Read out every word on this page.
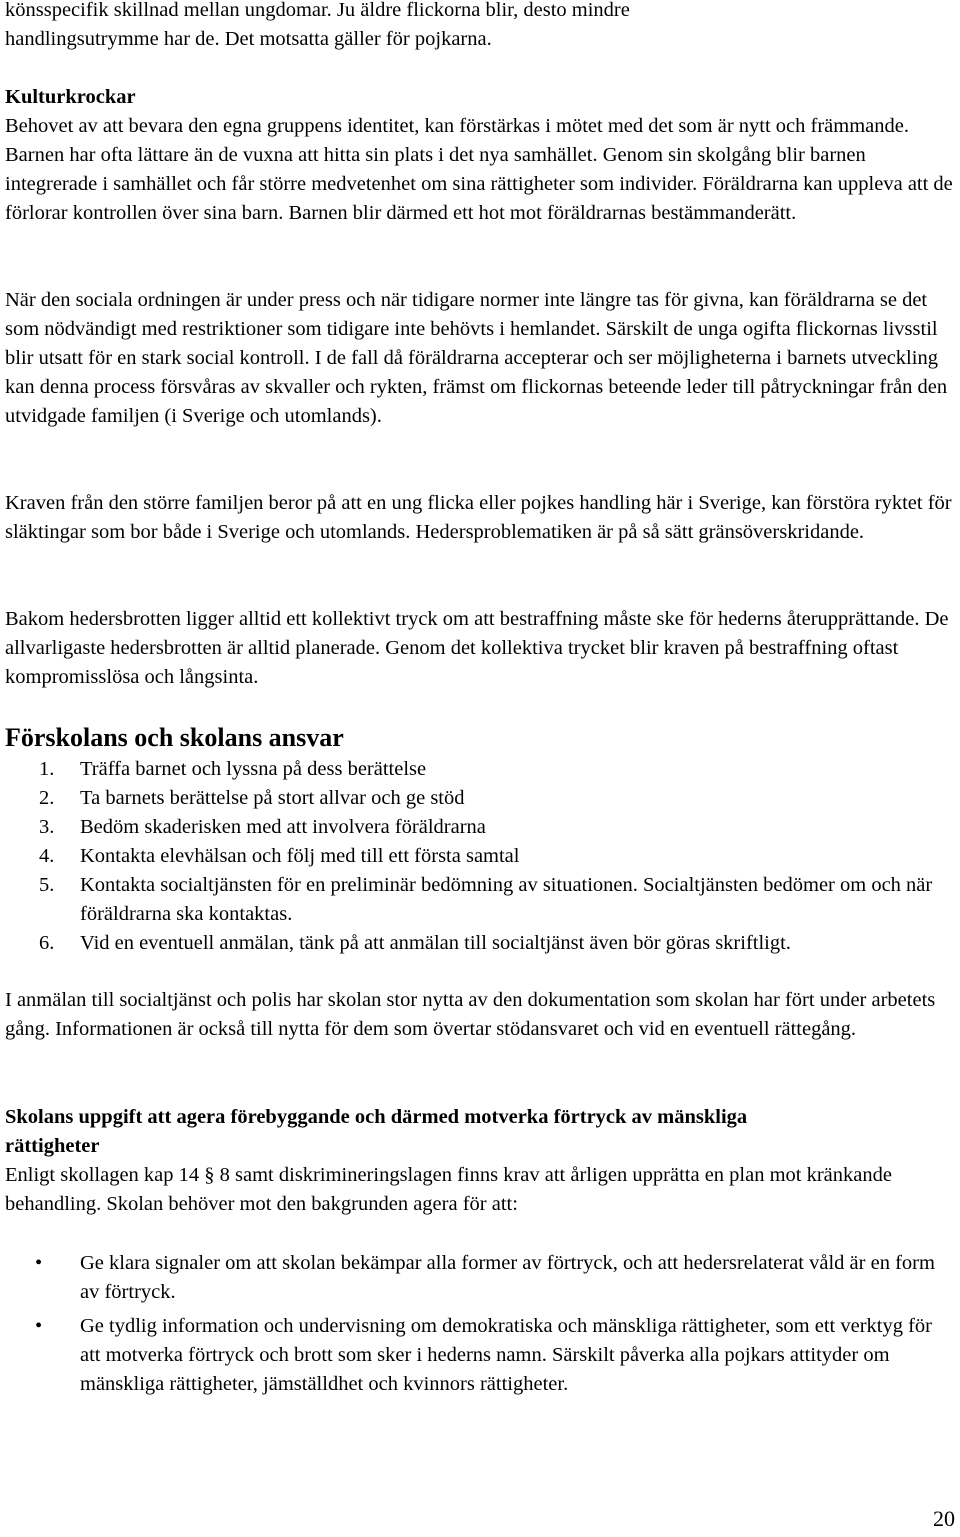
könsspecifik skillnad mellan ungdomar. Ju äldre flickorna blir, desto mindre

handlingsutrymme har de. Det motsatta gäller för pojkarna.

Kulturkrockar

Behovet av att bevara den egna gruppens identitet, kan förstärkas i mötet med det som är nytt och främmande. Barnen har ofta lättare än de vuxna att hitta sin plats i det nya samhället. Genom sin skolgång blir barnen integrerade i samhället och får större medvetenhet om sina rättigheter som individer. Föräldrarna kan uppleva att de förlorar kontrollen över sina barn. Barnen blir därmed ett hot mot föräldrarnas bestämmanderätt.

När den sociala ordningen är under press och när tidigare normer inte längre tas för givna, kan föräldrarna se det som nödvändigt med restriktioner som tidigare inte behövts i hemlandet. Särskilt de unga ogifta flickornas livsstil blir utsatt för en stark social kontroll. I de fall då föräldrarna accepterar och ser möjligheterna i barnets utveckling kan denna process försvåras av skvaller och rykten, främst om flickornas beteende leder till påtryckningar från den utvidgade familjen (i Sverige och utomlands).

Kraven från den större familjen beror på att en ung flicka eller pojkes handling här i Sverige, kan förstöra ryktet för släktingar som bor både i Sverige och utomlands. Hedersproblematiken är på så sätt gränsöverskridande.

Bakom hedersbrotten ligger alltid ett kollektivt tryck om att bestraffning måste ske för hederns återupprättande. De allvarligaste hedersbrotten är alltid planerade. Genom det kollektiva trycket blir kraven på bestraffning oftast kompromisslösa och långsinta.

Förskolans och skolans ansvar
1. Träffa barnet och lyssna på dess berättelse
2. Ta barnets berättelse på stort allvar och ge stöd
3. Bedöm skaderisken med att involvera föräldrarna
4. Kontakta elevhälsan och följ med till ett första samtal
5. Kontakta socialtjänsten för en preliminär bedömning av situationen. Socialtjänsten bedömer om och när föräldrarna ska kontaktas.
6. Vid en eventuell anmälan, tänk på att anmälan till socialtjänst även bör göras skriftligt.

I anmälan till socialtjänst och polis har skolan stor nytta av den dokumentation som skolan har fört under arbetets gång. Informationen är också till nytta för dem som övertar stödansvaret och vid en eventuell rättegång.

Skolans uppgift att agera förebyggande och därmed motverka förtryck av mänskliga rättigheter

Enligt skollagen kap 14 § 8 samt diskrimineringslagen finns krav att årligen upprätta en plan mot kränkande behandling. Skolan behöver mot den bakgrunden agera för att:

• Ge klara signaler om att skolan bekämpar alla former av förtryck, och att hedersrelaterat våld är en form av förtryck.
• Ge tydlig information och undervisning om demokratiska och mänskliga rättigheter, som ett verktyg för att motverka förtryck och brott som sker i hederns namn. Särskilt påverka alla pojkars attityder om mänskliga rättigheter, jämställdhet och kvinnors rättigheter.
20
